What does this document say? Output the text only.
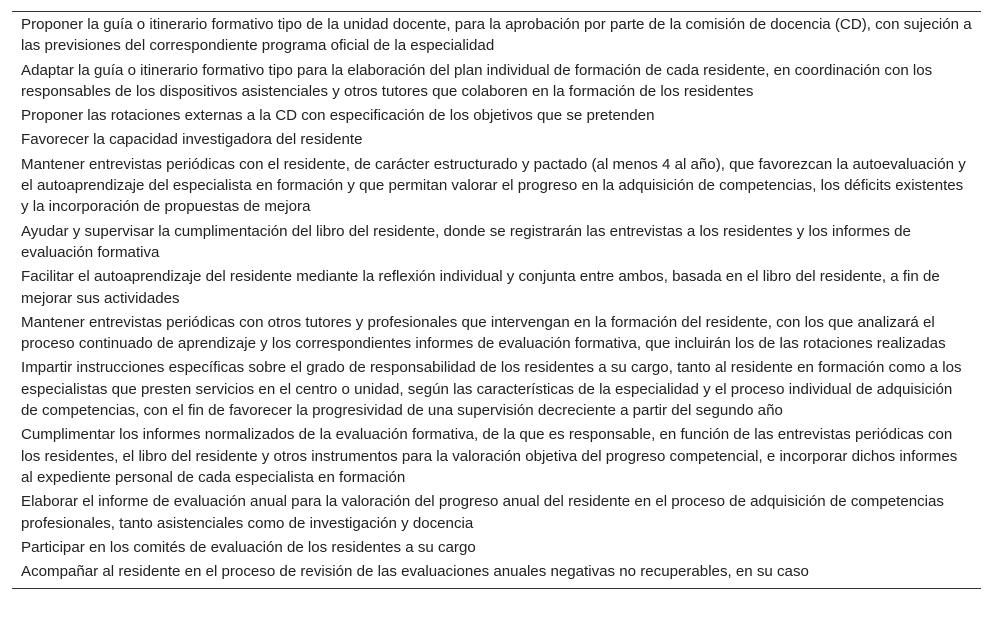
Proponer la guía o itinerario formativo tipo de la unidad docente, para la aprobación por parte de la comisión de docencia (CD), con sujeción a las previsiones del correspondiente programa oficial de la especialidad
Adaptar la guía o itinerario formativo tipo para la elaboración del plan individual de formación de cada residente, en coordinación con los responsables de los dispositivos asistenciales y otros tutores que colaboren en la formación de los residentes
Proponer las rotaciones externas a la CD con especificación de los objetivos que se pretenden
Favorecer la capacidad investigadora del residente
Mantener entrevistas periódicas con el residente, de carácter estructurado y pactado (al menos 4 al año), que favorezcan la autoevaluación y el autoaprendizaje del especialista en formación y que permitan valorar el progreso en la adquisición de competencias, los déficits existentes y la incorporación de propuestas de mejora
Ayudar y supervisar la cumplimentación del libro del residente, donde se registrarán las entrevistas a los residentes y los informes de evaluación formativa
Facilitar el autoaprendizaje del residente mediante la reflexión individual y conjunta entre ambos, basada en el libro del residente, a fin de mejorar sus actividades
Mantener entrevistas periódicas con otros tutores y profesionales que intervengan en la formación del residente, con los que analizará el proceso continuado de aprendizaje y los correspondientes informes de evaluación formativa, que incluirán los de las rotaciones realizadas
Impartir instrucciones específicas sobre el grado de responsabilidad de los residentes a su cargo, tanto al residente en formación como a los especialistas que presten servicios en el centro o unidad, según las características de la especialidad y el proceso individual de adquisición de competencias, con el fin de favorecer la progresividad de una supervisión decreciente a partir del segundo año
Cumplimentar los informes normalizados de la evaluación formativa, de la que es responsable, en función de las entrevistas periódicas con los residentes, el libro del residente y otros instrumentos para la valoración objetiva del progreso competencial, e incorporar dichos informes al expediente personal de cada especialista en formación
Elaborar el informe de evaluación anual para la valoración del progreso anual del residente en el proceso de adquisición de competencias profesionales, tanto asistenciales como de investigación y docencia
Participar en los comités de evaluación de los residentes a su cargo
Acompañar al residente en el proceso de revisión de las evaluaciones anuales negativas no recuperables, en su caso
